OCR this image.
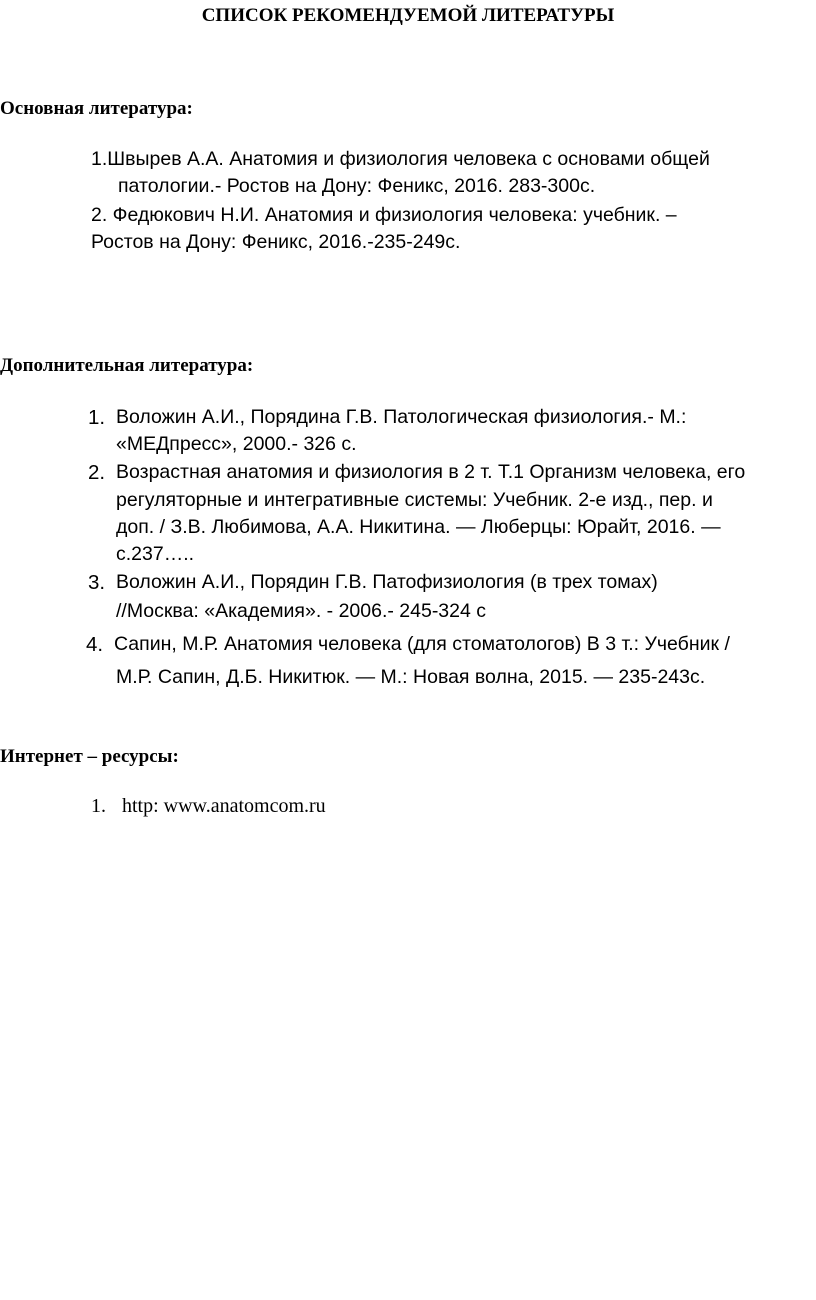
СПИСОК РЕКОМЕНДУЕМОЙ ЛИТЕРАТУРЫ
Основная литература:
1.Швырев А.А. Анатомия и физиология человека с основами общей
патологии.- Ростов на Дону: Феникс, 2016. 283-300с.
2. Федюкович Н.И. Анатомия и физиология человека: учебник. –
Ростов на Дону: Феникс, 2016.-235-249с.
Дополнительная литература:
1. Воложин А.И., Порядина Г.В. Патологическая физиология.- М.:
«МЕДпресс», 2000.- 326 с.
2. Возрастная анатомия и физиология в 2 т. Т.1 Организм человека, его
регуляторные и интегративные системы: Учебник. 2-е изд., пер. и
доп. / З.В. Любимова, А.А. Никитина. — Люберцы: Юрайт, 2016. —
с.237…..
3. Воложин А.И., Порядин Г.В. Патофизиология (в трех томах)
//Москва: «Академия». - 2006.- 245-324 с
4. Сапин, М.Р. Анатомия человека (для стоматологов) В 3 т.: Учебник /
М.Р. Сапин, Д.Б. Никитюк. — М.: Новая волна, 2015. — 235-243с.
Интернет – ресурсы:
1. http: www.anatomcom.ru
